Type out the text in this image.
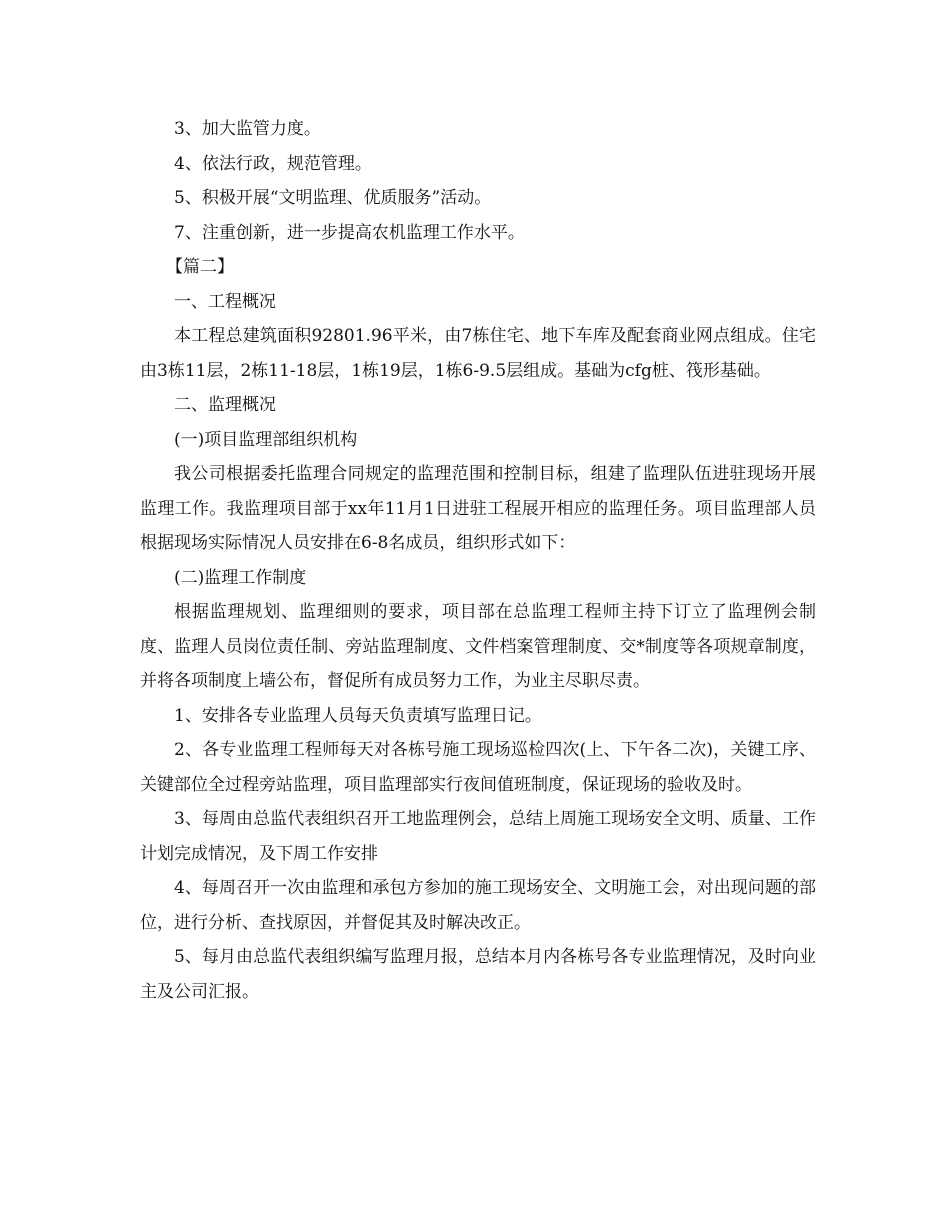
3、加大监管力度。

4、依法行政，规范管理。

5、积极开展“文明监理、优质服务”活动。

7、注重创新，进一步提高农机监理工作水平。

【篇二】

一、工程概况

本工程总建筑面积92801.96平米，由7栋住宅、地下车库及配套商业网点组成。住宅由3栋11层，2栋11-18层，1栋19层，1栋6-9.5层组成。基础为cfg桩、筏形基础。

二、监理概况

(一)项目监理部组织机构

我公司根据委托监理合同规定的监理范围和控制目标，组建了监理队伍进驻现场开展监理工作。我监理项目部于xx年11月1日进驻工程展开相应的监理任务。项目监理部人员根据现场实际情况人员安排在6-8名成员，组织形式如下：

(二)监理工作制度

根据监理规划、监理细则的要求，项目部在总监理工程师主持下订立了监理例会制度、监理人员岗位责任制、旁站监理制度、文件档案管理制度、交*制度等各项规章制度，并将各项制度上墙公布，督促所有成员努力工作，为业主尽职尽责。

1、安排各专业监理人员每天负责填写监理日记。

2、各专业监理工程师每天对各栋号施工现场巡检四次(上、下午各二次)，关键工序、关键部位全过程旁站监理，项目监理部实行夜间值班制度，保证现场的验收及时。

3、每周由总监代表组织召开工地监理例会，总结上周施工现场安全文明、质量、工作计划完成情况，及下周工作安排

4、每周召开一次由监理和承包方参加的施工现场安全、文明施工会，对出现问题的部位，进行分析、查找原因，并督促其及时解决改正。

5、每月由总监代表组织编写监理月报，总结本月内各栋号各专业监理情况，及时向业主及公司汇报。
